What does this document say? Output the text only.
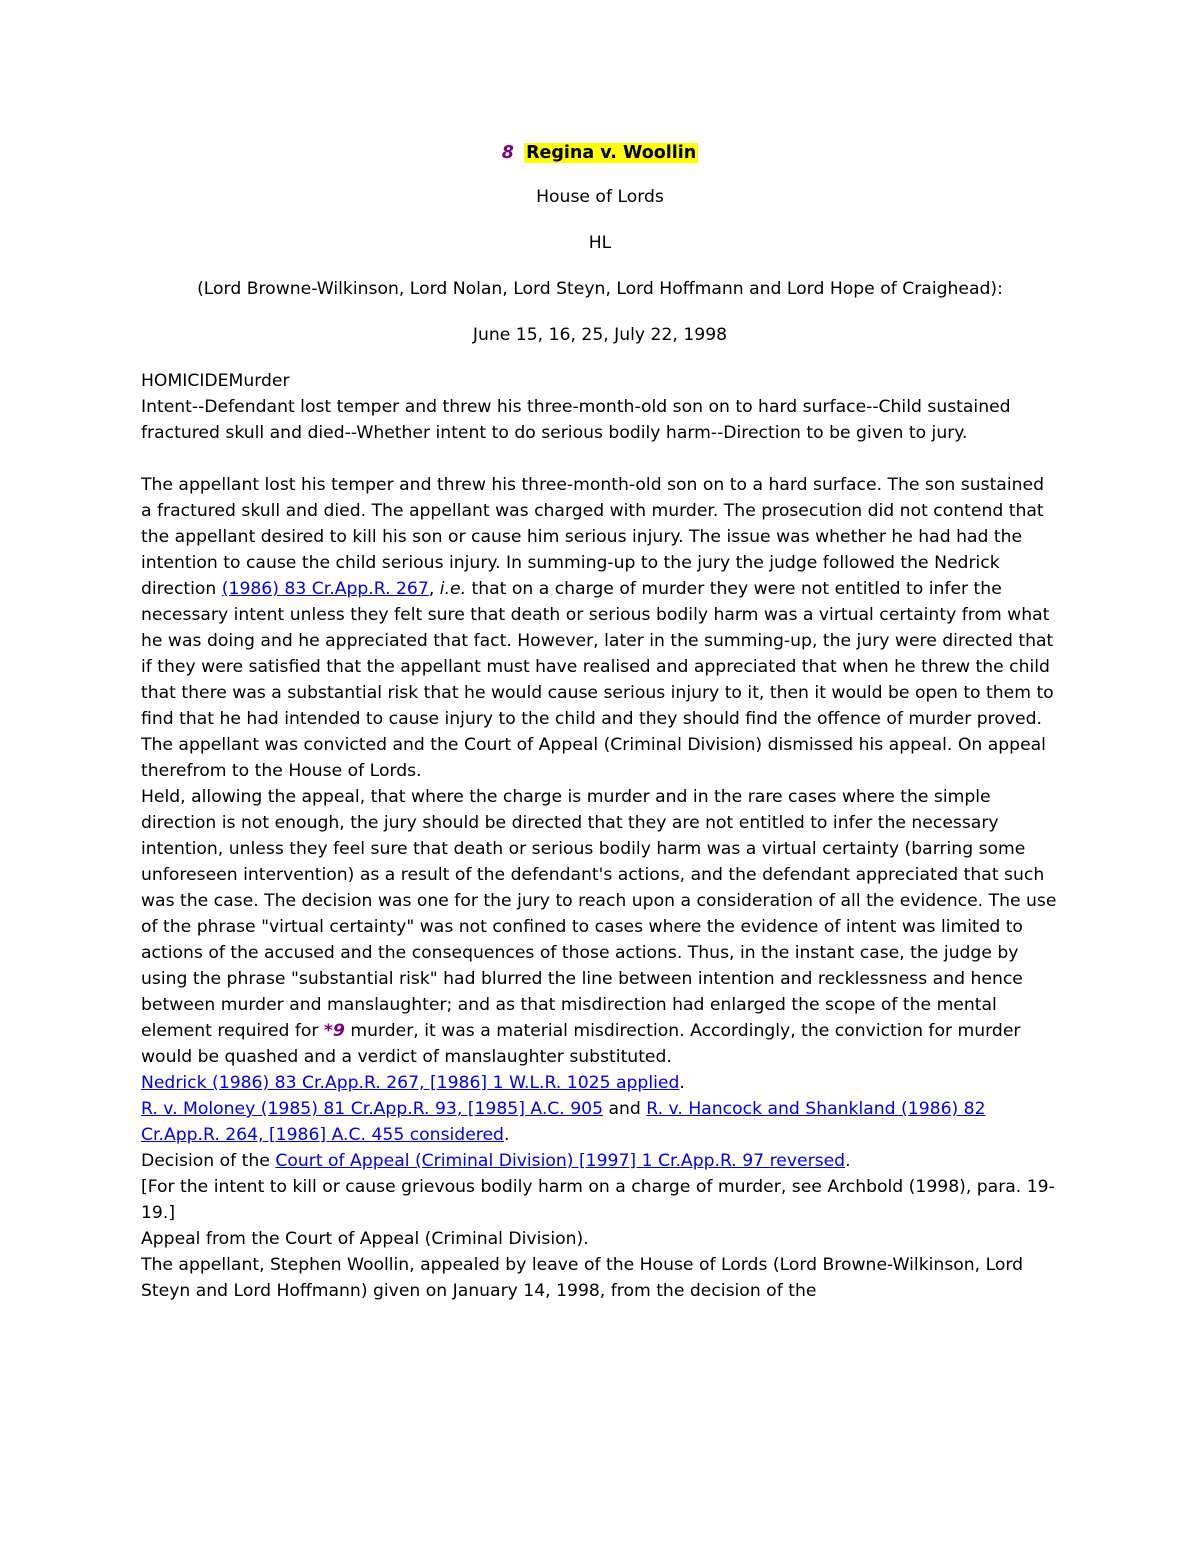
8 Regina v. Woollin
House of Lords
HL
(Lord Browne-Wilkinson, Lord Nolan, Lord Steyn, Lord Hoffmann and Lord Hope of Craighead):
June 15, 16, 25, July 22, 1998
HOMICIDEMurder
Intent--Defendant lost temper and threw his three-month-old son on to hard surface--Child sustained fractured skull and died--Whether intent to do serious bodily harm--Direction to be given to jury.
The appellant lost his temper and threw his three-month-old son on to a hard surface. The son sustained a fractured skull and died. The appellant was charged with murder. The prosecution did not contend that the appellant desired to kill his son or cause him serious injury. The issue was whether he had had the intention to cause the child serious injury. In summing-up to the jury the judge followed the Nedrick direction (1986) 83 Cr.App.R. 267, i.e. that on a charge of murder they were not entitled to infer the necessary intent unless they felt sure that death or serious bodily harm was a virtual certainty from what he was doing and he appreciated that fact. However, later in the summing-up, the jury were directed that if they were satisfied that the appellant must have realised and appreciated that when he threw the child that there was a substantial risk that he would cause serious injury to it, then it would be open to them to find that he had intended to cause injury to the child and they should find the offence of murder proved. The appellant was convicted and the Court of Appeal (Criminal Division) dismissed his appeal. On appeal therefrom to the House of Lords.
Held, allowing the appeal, that where the charge is murder and in the rare cases where the simple direction is not enough, the jury should be directed that they are not entitled to infer the necessary intention, unless they feel sure that death or serious bodily harm was a virtual certainty (barring some unforeseen intervention) as a result of the defendant's actions, and the defendant appreciated that such was the case. The decision was one for the jury to reach upon a consideration of all the evidence. The use of the phrase "virtual certainty" was not confined to cases where the evidence of intent was limited to actions of the accused and the consequences of those actions. Thus, in the instant case, the judge by using the phrase "substantial risk" had blurred the line between intention and recklessness and hence between murder and manslaughter; and as that misdirection had enlarged the scope of the mental element required for *9 murder, it was a material misdirection. Accordingly, the conviction for murder would be quashed and a verdict of manslaughter substituted.
Nedrick (1986) 83 Cr.App.R. 267, [1986] 1 W.L.R. 1025 applied.
R. v. Moloney (1985) 81 Cr.App.R. 93, [1985] A.C. 905 and R. v. Hancock and Shankland (1986) 82 Cr.App.R. 264, [1986] A.C. 455 considered.
Decision of the Court of Appeal (Criminal Division) [1997] 1 Cr.App.R. 97 reversed.
[For the intent to kill or cause grievous bodily harm on a charge of murder, see Archbold (1998), para. 19-19.]
Appeal from the Court of Appeal (Criminal Division).
The appellant, Stephen Woollin, appealed by leave of the House of Lords (Lord Browne-Wilkinson, Lord Steyn and Lord Hoffmann) given on January 14, 1998, from the decision of the
